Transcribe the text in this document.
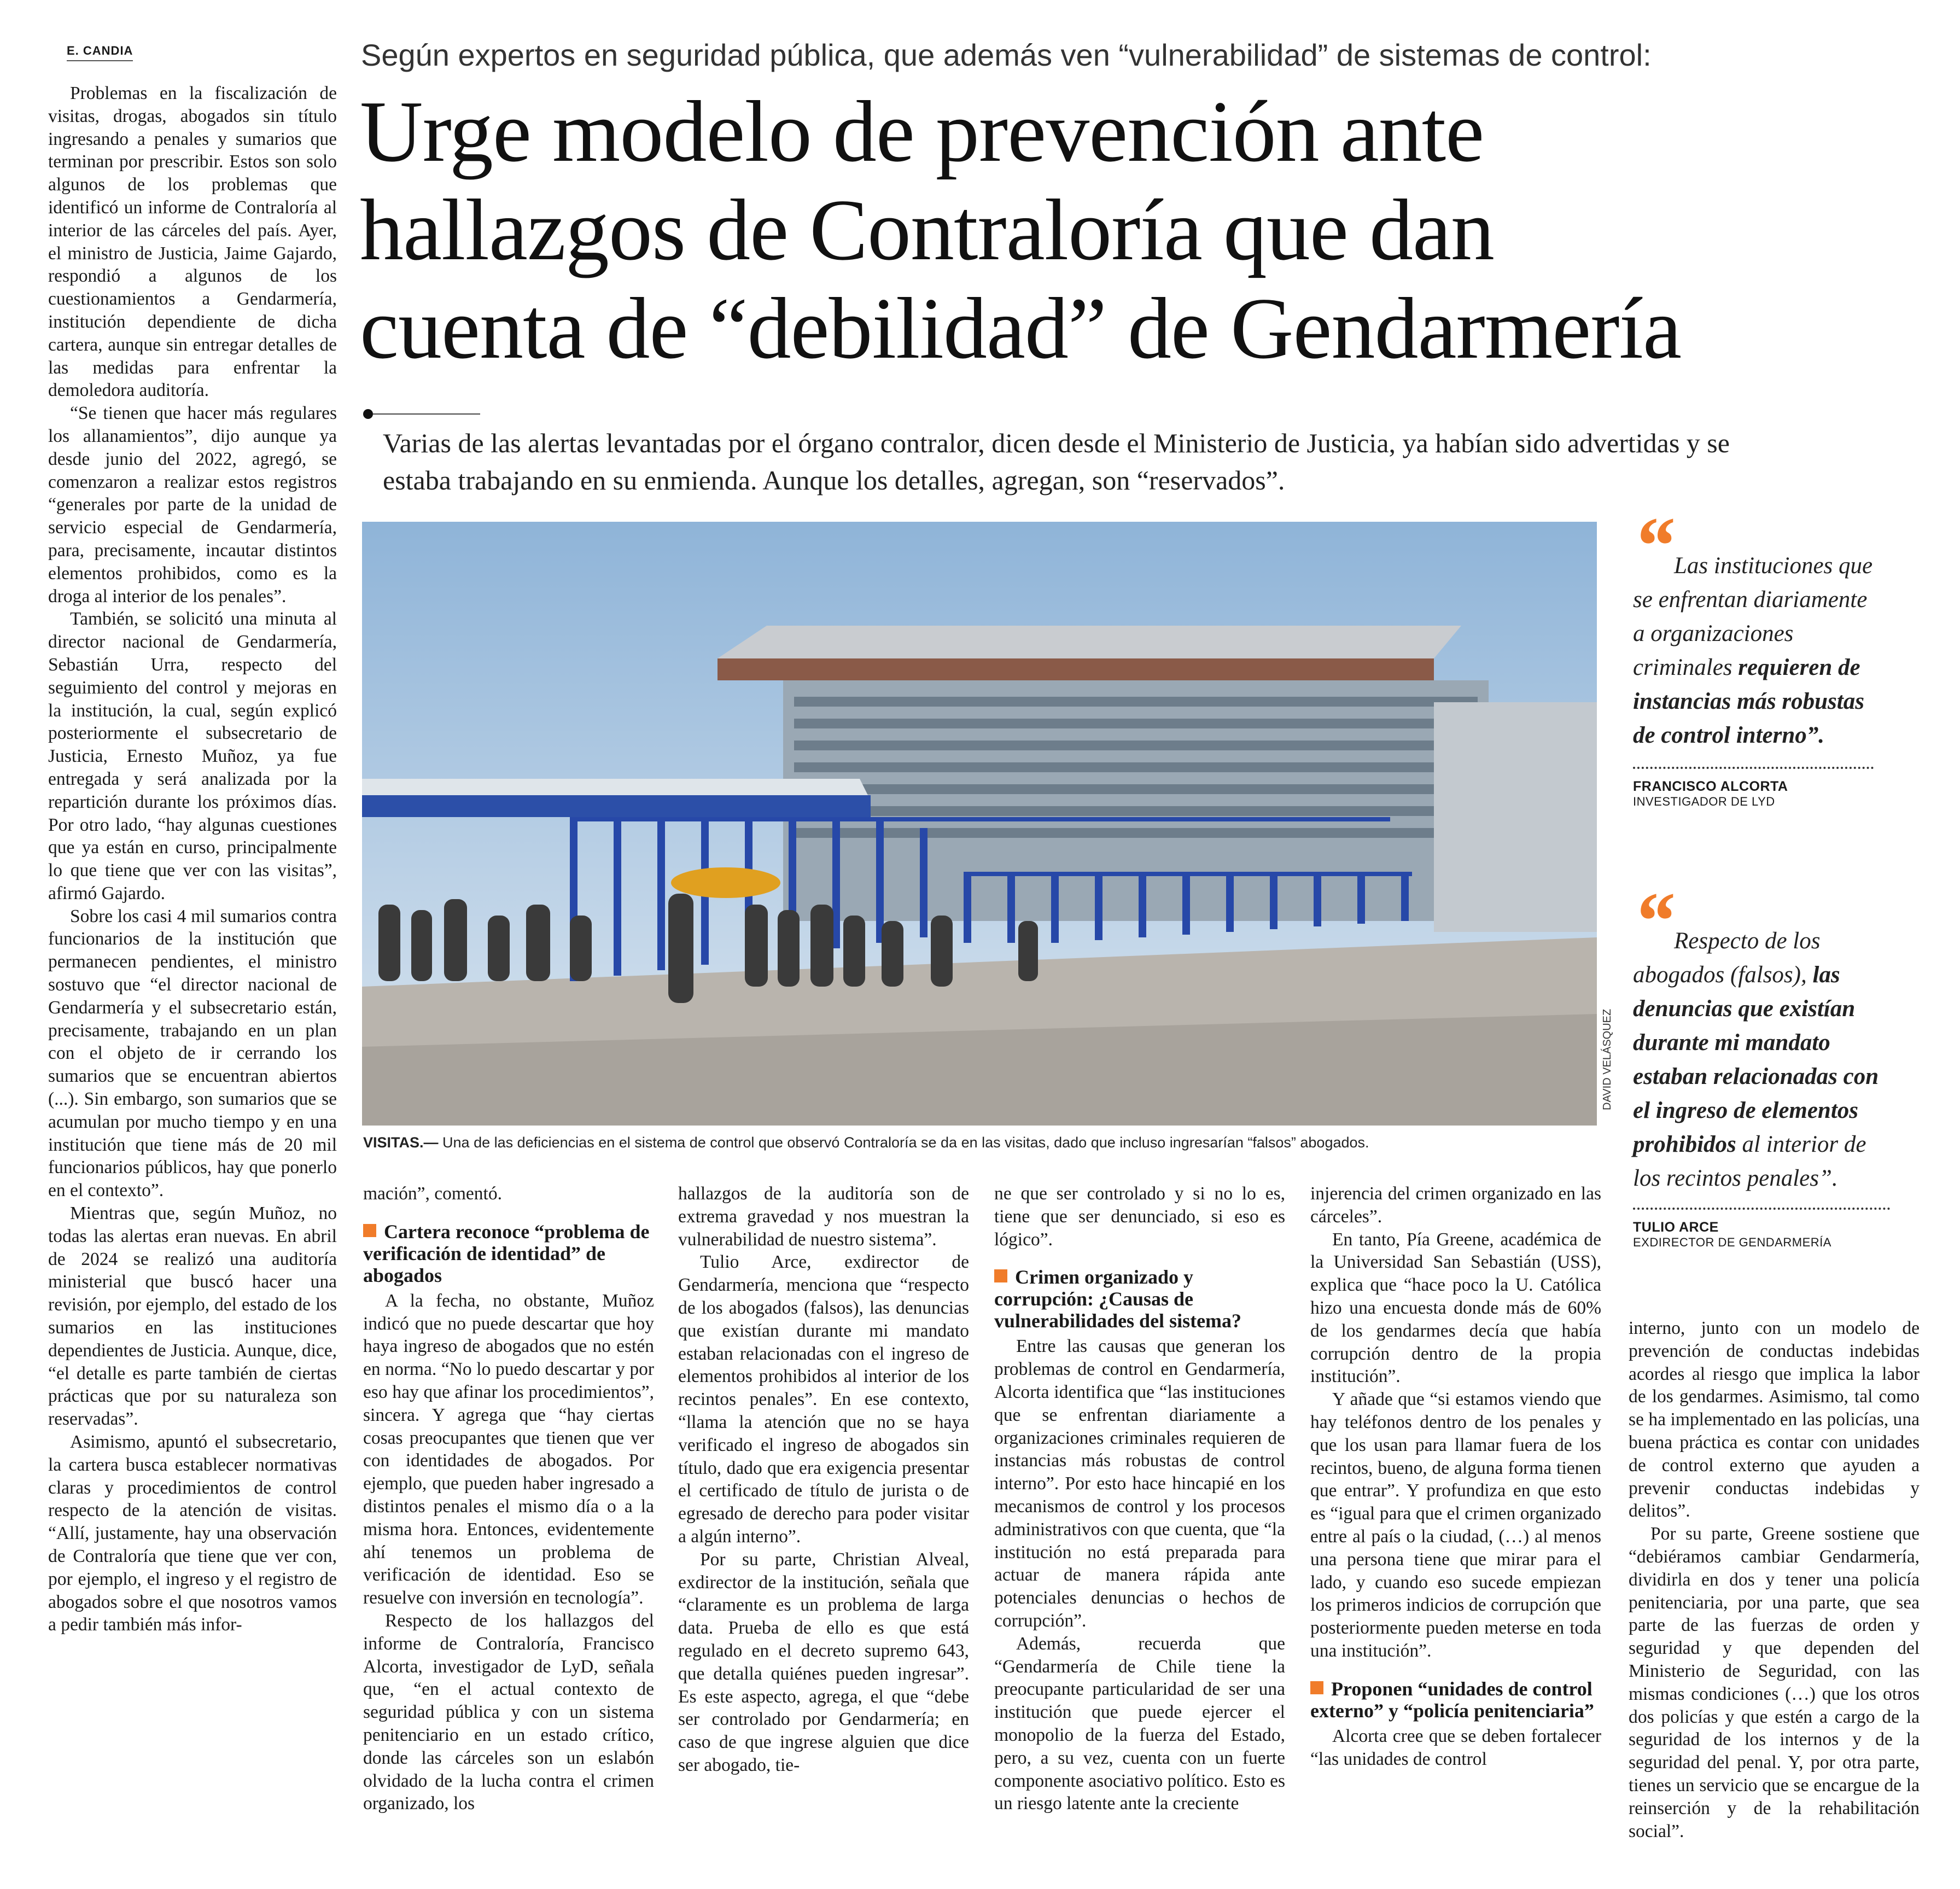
E. CANDIA

Problemas en la fiscalización de visitas, drogas, abogados sin título ingresando a penales y sumarios que terminan por prescribir. Estos son solo algunos de los problemas que identificó un informe de Contraloría al interior de las cárceles del país. Ayer, el ministro de Justicia, Jaime Gajardo, respondió a algunos de los cuestionamientos a Gendarmería, institución dependiente de dicha cartera, aunque sin entregar detalles de las medidas para enfrentar la demoledora auditoría.

“Se tienen que hacer más regulares los allanamientos”, dijo aunque ya desde junio del 2022, agregó, se comenzaron a realizar estos registros “generales por parte de la unidad de servicio especial de Gendarmería, para, precisamente, incautar distintos elementos prohibidos, como es la droga al interior de los penales”.

También, se solicitó una minuta al director nacional de Gendarmería, Sebastián Urra, respecto del seguimiento del control y mejoras en la institución, la cual, según explicó posteriormente el subsecretario de Justicia, Ernesto Muñoz, ya fue entregada y será analizada por la repartición durante los próximos días. Por otro lado, “hay algunas cuestiones que ya están en curso, principalmente lo que tiene que ver con las visitas”, afirmó Gajardo.

Sobre los casi 4 mil sumarios contra funcionarios de la institución que permanecen pendientes, el ministro sostuvo que “el director nacional de Gendarmería y el subsecretario están, precisamente, trabajando en un plan con el objeto de ir cerrando los sumarios que se encuentran abiertos (...). Sin embargo, son sumarios que se acumulan por mucho tiempo y en una institución que tiene más de 20 mil funcionarios públicos, hay que ponerlo en el contexto”.

Mientras que, según Muñoz, no todas las alertas eran nuevas. En abril de 2024 se realizó una auditoría ministerial que buscó hacer una revisión, por ejemplo, del estado de los sumarios en las instituciones dependientes de Justicia. Aunque, dice, “el detalle es parte también de ciertas prácticas que por su naturaleza son reservadas”.

Asimismo, apuntó el subsecretario, la cartera busca establecer normativas claras y procedimientos de control respecto de la atención de visitas. “Allí, justamente, hay una observación de Contraloría que tiene que ver con, por ejemplo, el ingreso y el registro de abogados sobre el que nosotros vamos a pedir también más infor-

Según expertos en seguridad pública, que además ven “vulnerabilidad” de sistemas de control:
Urge modelo de prevención ante
hallazgos de Contraloría que dan
cuenta de “debilidad” de Gendarmería
Varias de las alertas levantadas por el órgano contralor, dicen desde el Ministerio de Justicia, ya habían sido advertidas y se estaba trabajando en su enmienda. Aunque los detalles, agregan, son “reservados”.
DAVID VELÁSQUEZ
VISITAS.— Una de las deficiencias en el sistema de control que observó Contraloría se da en las visitas, dado que incluso ingresarían “falsos” abogados.
“Las instituciones que se enfrentan diariamente a organizaciones criminales requieren de instancias más robustas de control interno”.
FRANCISCO ALCORTA
INVESTIGADOR DE LYD
“Respecto de los abogados (falsos), las denuncias que existían durante mi mandato estaban relacionadas con el ingreso de elementos prohibidos al interior de los recintos penales”.
TULIO ARCE
EXDIRECTOR DE GENDARMERÍA

mación”, comentó.

Cartera reconoce “problema de verificación de identidad” de abogados

A la fecha, no obstante, Muñoz indicó que no puede descartar que hoy haya ingreso de abogados que no estén en norma. “No lo puedo descartar y por eso hay que afinar los procedimientos”, sincera. Y agrega que “hay ciertas cosas preocupantes que tienen que ver con identidades de abogados. Por ejemplo, que pueden haber ingresado a distintos penales el mismo día o a la misma hora. Entonces, evidentemente ahí tenemos un problema de verificación de identidad. Eso se resuelve con inversión en tecnología”.

Respecto de los hallazgos del informe de Contraloría, Francisco Alcorta, investigador de LyD, señala que, “en el actual contexto de seguridad pública y con un sistema penitenciario en un estado crítico, donde las cárceles son un eslabón olvidado de la lucha contra el crimen organizado, los

hallazgos de la auditoría son de extrema gravedad y nos muestran la vulnerabilidad de nuestro sistema”.

Tulio Arce, exdirector de Gendarmería, menciona que “respecto de los abogados (falsos), las denuncias que existían durante mi mandato estaban relacionadas con el ingreso de elementos prohibidos al interior de los recintos penales”. En ese contexto, “llama la atención que no se haya verificado el ingreso de abogados sin título, dado que era exigencia presentar el certificado de título de jurista o de egresado de derecho para poder visitar a algún interno”.

Por su parte, Christian Alveal, exdirector de la institución, señala que “claramente es un problema de larga data. Prueba de ello es que está regulado en el decreto supremo 643, que detalla quiénes pueden ingresar”. Es este aspecto, agrega, el que “debe ser controlado por Gendarmería; en caso de que ingrese alguien que dice ser abogado, tie-

ne que ser controlado y si no lo es, tiene que ser denunciado, si eso es lógico”.

Crimen organizado y corrupción: ¿Causas de vulnerabilidades del sistema?

Entre las causas que generan los problemas de control en Gendarmería, Alcorta identifica que “las instituciones que se enfrentan diariamente a organizaciones criminales requieren de instancias más robustas de control interno”. Por esto hace hincapié en los mecanismos de control y los procesos administrativos con que cuenta, que “la institución no está preparada para actuar de manera rápida ante potenciales denuncias o hechos de corrupción”.

Además, recuerda que “Gendarmería de Chile tiene la preocupante particularidad de ser una institución que puede ejercer el monopolio de la fuerza del Estado, pero, a su vez, cuenta con un fuerte componente asociativo político. Esto es un riesgo latente ante la creciente

injerencia del crimen organizado en las cárceles”.

En tanto, Pía Greene, académica de la Universidad San Sebastián (USS), explica que “hace poco la U. Católica hizo una encuesta donde más de 60% de los gendarmes decía que había corrupción dentro de la propia institución”.

Y añade que “si estamos viendo que hay teléfonos dentro de los penales y que los usan para llamar fuera de los recintos, bueno, de alguna forma tienen que entrar”. Y profundiza en que esto es “igual para que el crimen organizado entre al país o la ciudad, (…) al menos una persona tiene que mirar para el lado, y cuando eso sucede empiezan los primeros indicios de corrupción que posteriormente pueden meterse en toda una institución”.

Proponen “unidades de control externo” y “policía penitenciaria”

Alcorta cree que se deben fortalecer “las unidades de control

interno, junto con un modelo de prevención de conductas indebidas acordes al riesgo que implica la labor de los gendarmes. Asimismo, tal como se ha implementado en las policías, una buena práctica es contar con unidades de control externo que ayuden a prevenir conductas indebidas y delitos”.

Por su parte, Greene sostiene que “debiéramos cambiar Gendarmería, dividirla en dos y tener una policía penitenciaria, por una parte, que sea parte de las fuerzas de orden y seguridad y que dependen del Ministerio de Seguridad, con las mismas condiciones (…) que los otros dos policías y que estén a cargo de la seguridad de los internos y de la seguridad del penal. Y, por otra parte, tienes un servicio que se encargue de la reinserción y de la rehabilitación social”.
